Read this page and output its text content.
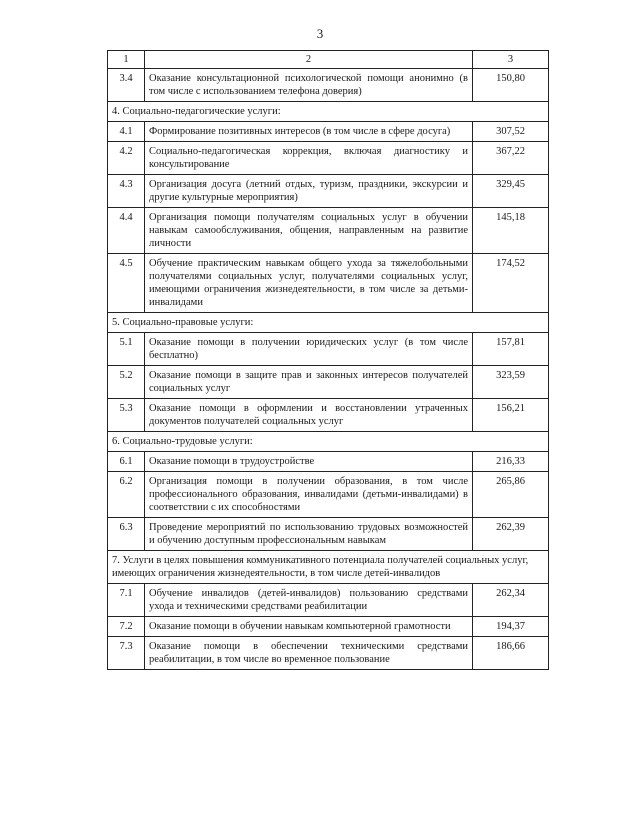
3
1	2	3
3.4	Оказание консультационной психологической помощи анонимно (в том числе с использованием телефона доверия)	150,80
4. Социально-педагогические услуги:		
4.1	Формирование позитивных интересов (в том числе в сфере досуга)	307,52
4.2	Социально-педагогическая коррекция, включая диагностику и консультирование	367,22
4.3	Организация досуга (летний отдых, туризм, праздники, экскурсии и другие культурные мероприятия)	329,45
4.4	Организация помощи получателям социальных услуг в обучении навыкам самообслуживания, общения, направленным на развитие личности	145,18
4.5	Обучение практическим навыкам общего ухода за тяжелобольными получателями социальных услуг, получателями социальных услуг, имеющими ограничения жизнедеятельности, в том числе за детьми-инвалидами	174,52
5. Социально-правовые услуги:		
5.1	Оказание помощи в получении юридических услуг (в том числе бесплатно)	157,81
5.2	Оказание помощи в защите прав и законных интересов получателей социальных услуг	323,59
5.3	Оказание помощи в оформлении и восстановлении утраченных документов получателей социальных услуг	156,21
6. Социально-трудовые услуги:		
6.1	Оказание помощи в трудоустройстве	216,33
6.2	Организация помощи в получении образования, в том числе профессионального образования, инвалидами (детьми-инвалидами) в соответствии с их способностями	265,86
6.3	Проведение мероприятий по использованию трудовых возможностей и обучению доступным профессиональным навыкам	262,39
7. Услуги в целях повышения коммуникативного потенциала получателей социальных услуг, имеющих ограничения жизнедеятельности, в том числе детей-инвалидов		
7.1	Обучение инвалидов (детей-инвалидов) пользованию средствами ухода и техническими средствами реабилитации	262,34
7.2	Оказание помощи в обучении навыкам компьютерной грамотности	194,37
7.3	Оказание помощи в обеспечении техническими средствами реабилитации, в том числе во временное пользование	186,66
